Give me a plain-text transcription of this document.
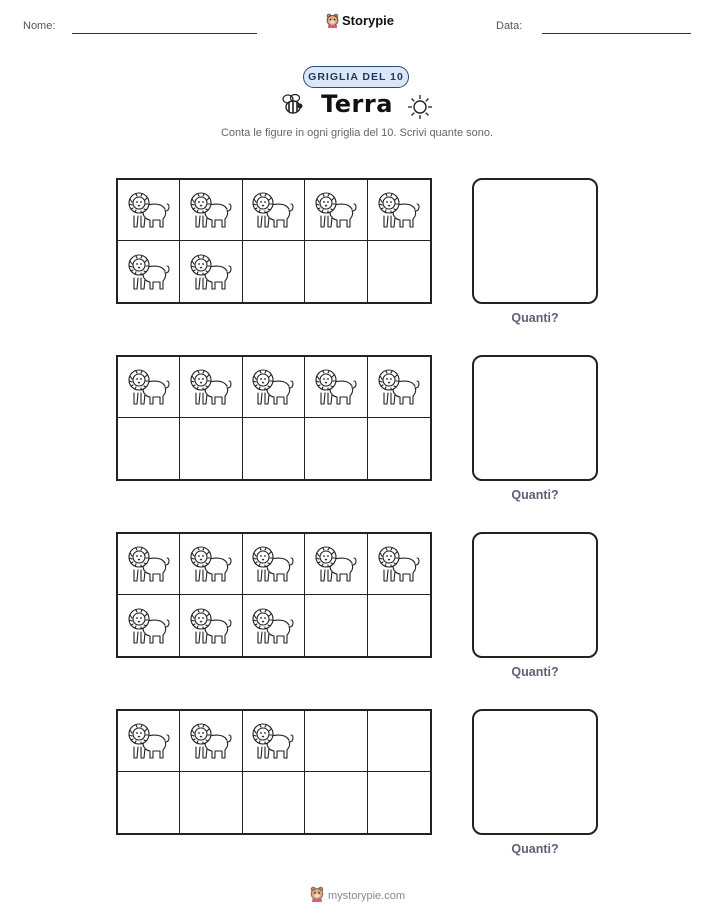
Nome:	Storypie	Data:
GRIGLIA DEL 10
Terra
Conta le figure in ogni griglia del 10. Scrivi quante sono.
Quanti?
Quanti?
Quanti?
Quanti?
mystorypie.com
